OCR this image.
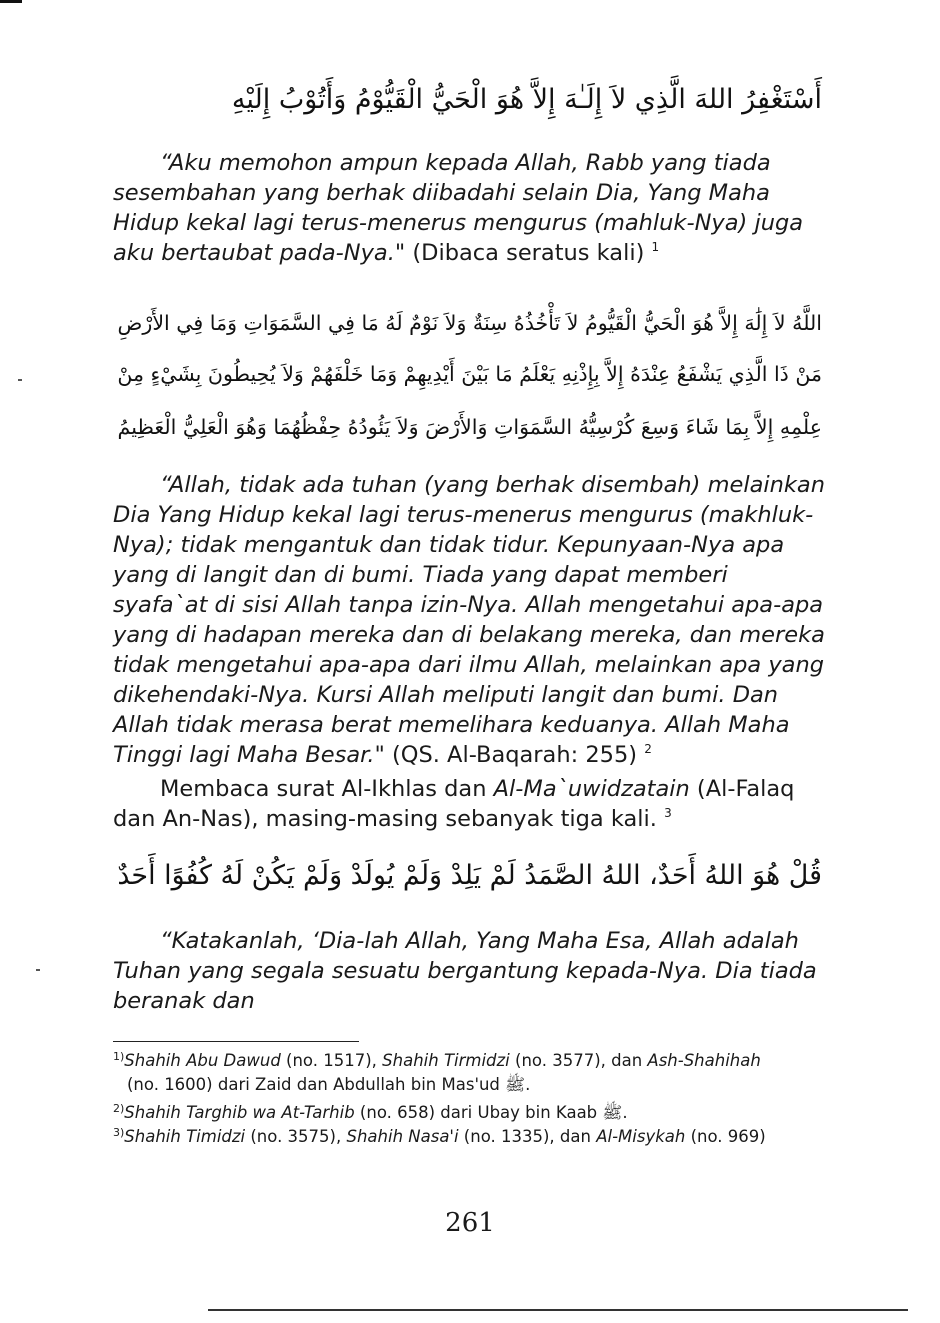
أَسْتَغْفِرُ اللهَ الَّذِي لاَ إِلَـٰهَ إِلاَّ هُوَ الْحَيُّ الْقَيُّوْمُ وَأَتُوْبُ إِلَيْهِ
“Aku memohon ampun kepada Allah, Rabb yang tiada sesembahan yang berhak diibadahi selain Dia, Yang Maha Hidup kekal lagi terus-menerus mengurus (mahluk-Nya) juga aku bertaubat pada-Nya." (Dibaca seratus kali) $^1$
اللَّهُ لاَ إِلَٰهَ إِلاَّ هُوَ الْحَيُّ الْقَيُّومُ لاَ تَأْخُذُهُ سِنَةٌ وَلاَ نَوْمٌ لَهُ مَا فِي السَّمَوَاتِ وَمَا فِي الأَرْضِ
مَنْ ذَا الَّذِي يَشْفَعُ عِنْدَهُ إِلاَّ بِإِذْنِهِ يَعْلَمُ مَا بَيْنَ أَيْدِيهِمْ وَمَا خَلْفَهُمْ وَلاَ يُحِيطُونَ بِشَيْءٍ مِنْ
عِلْمِهِ إِلاَّ بِمَا شَاءَ وَسِعَ كُرْسِيُّهُ السَّمَوَاتِ وَالأَرْضَ وَلاَ يَئُودُهُ حِفْظُهُمَا وَهُوَ الْعَلِيُّ الْعَظِيمُ
“Allah, tidak ada tuhan (yang berhak disembah) melainkan Dia Yang Hidup kekal lagi terus-menerus mengurus (makhluk-Nya); tidak mengantuk dan tidak tidur. Kepunyaan-Nya apa yang di langit dan di bumi. Tiada yang dapat memberi syafa`at di sisi Allah tanpa izin-Nya. Allah mengetahui apa-apa yang di hadapan mereka dan di belakang mereka, dan mereka tidak mengetahui apa-apa dari ilmu Allah, melainkan apa yang dikehendaki-Nya. Kursi Allah meliputi langit dan bumi. Dan Allah tidak merasa berat memelihara keduanya. Allah Maha Tinggi lagi Maha Besar." (QS. Al-Baqarah: 255) $^2$
Membaca surat Al-Ikhlas dan Al-Ma`uwidzatain (Al-Falaq dan An-Nas), masing-masing sebanyak tiga kali. $^3$
قُلْ هُوَ اللهُ أَحَدٌ، اللهُ الصَّمَدُ لَمْ يَلِدْ وَلَمْ يُولَدْ وَلَمْ يَكُنْ لَهُ كُفُوًا أَحَدٌ
“Katakanlah, ‘Dia-lah Allah, Yang Maha Esa, Allah adalah Tuhan yang segala sesuatu bergantung kepada-Nya. Dia tiada beranak dan
$^{1)}$Shahih Abu Dawud (no. 1517), Shahih Tirmidzi (no. 3577), dan Ash-Shahihah
(no. 1600) dari Zaid dan Abdullah bin Mas'ud ﷺ.
$^{2)}$Shahih Targhib wa At-Tarhib (no. 658) dari Ubay bin Kaab ﷺ.
$^{3)}$Shahih Timidzi (no. 3575), Shahih Nasa'i (no. 1335), dan Al-Misykah (no. 969)
261
